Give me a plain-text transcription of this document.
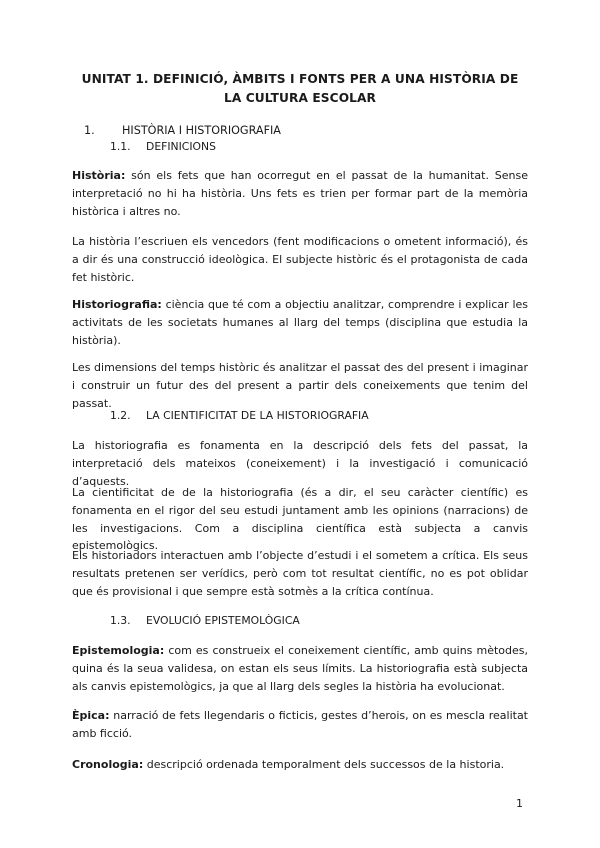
UNITAT 1. DEFINICIÓ, ÀMBITS I FONTS PER A UNA HISTÒRIA DE LA CULTURA ESCOLAR
1. HISTÒRIA I HISTORIOGRAFIA
1.1. DEFINICIONS
Història: són els fets que han ocorregut en el passat de la humanitat. Sense interpretació no hi ha història. Uns fets es trien per formar part de la memòria històrica i altres no.
La història l’escriuen els vencedors (fent modificacions o ometent informació), és a dir és una construcció ideològica. El subjecte històric és el protagonista de cada fet històric.
Historiografia: ciència que té com a objectiu analitzar, comprendre i explicar les activitats de les societats humanes al llarg del temps (disciplina que estudia la història).
Les dimensions del temps històric és analitzar el passat des del present i imaginar i construir un futur des del present a partir dels coneixements que tenim del passat.
1.2. LA CIENTIFICITAT DE LA HISTORIOGRAFIA
La historiografia es fonamenta en la descripció dels fets del passat, la interpretació dels mateixos (coneixement) i la investigació i comunicació d’aquests.
La cientificitat de de la historiografia (és a dir, el seu caràcter científic) es fonamenta en el rigor del seu estudi juntament amb les opinions (narracions) de les investigacions. Com a disciplina científica està subjecta a canvis epistemològics.
Els historiadors interactuen amb l’objecte d’estudi i el sometem a crítica. Els seus resultats pretenen ser verídics, però com tot resultat científic, no es pot oblidar que és provisional i que sempre està sotmès a la crítica contínua.
1.3. EVOLUCIÓ EPISTEMOLÒGICA
Epistemologia: com es construeix el coneixement científic, amb quins mètodes, quina és la seua validesa, on estan els seus límits. La historiografia està subjecta als canvis epistemològics, ja que al llarg dels segles la història ha evolucionat.
Èpica: narració de fets llegendaris o ficticis, gestes d’herois, on es mescla realitat amb ficció.
Cronologia: descripció ordenada temporalment dels successos de la historia.
1
